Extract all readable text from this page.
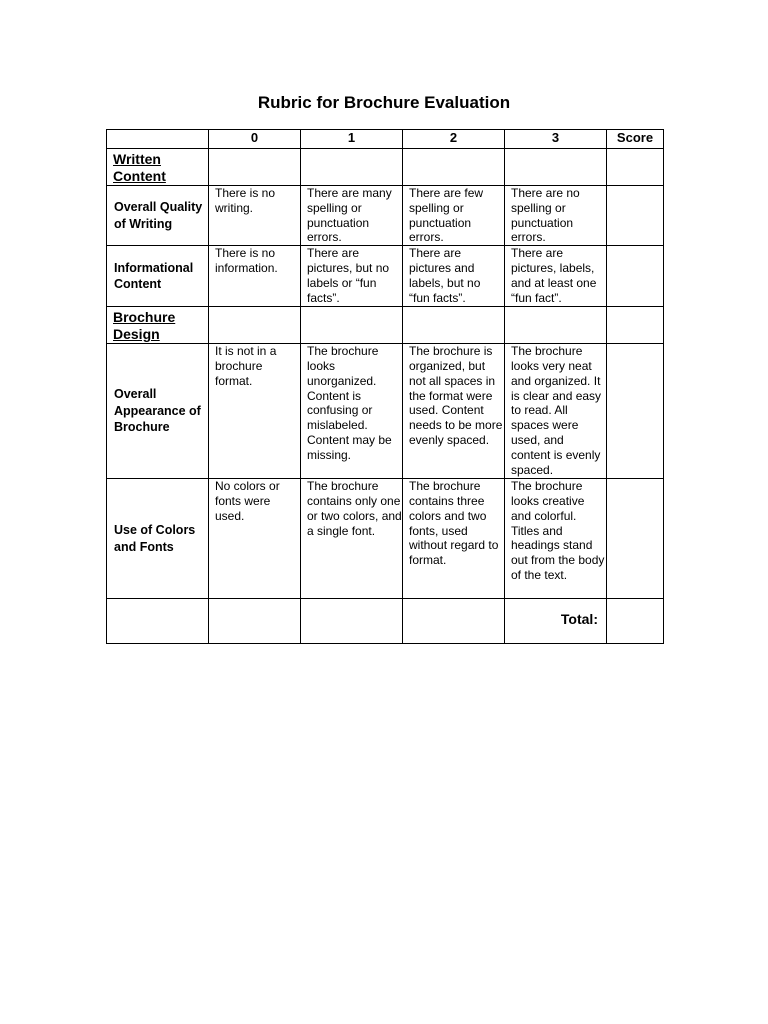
Rubric for Brochure Evaluation
	0	1	2	3	Score
Written Content					
Overall Quality of Writing	There is no writing.	There are many spelling or punctuation errors.	There are few spelling or punctuation errors.	There are no spelling or punctuation errors.	
Informational Content	There is no information.	There are pictures, but no labels or “fun facts”.	There are pictures and labels, but no “fun facts”.	There are pictures, labels, and at least one “fun fact”.	
Brochure Design					
Overall Appearance of Brochure	It is not in a brochure format.	The brochure looks unorganized. Content is confusing or mislabeled. Content may be missing.	The brochure is organized, but not all spaces in the format were used. Content needs to be more evenly spaced.	The brochure looks very neat and organized. It is clear and easy to read. All spaces were used, and content is evenly spaced.	
Use of Colors and Fonts	No colors or fonts were used.	The brochure contains only one or two colors, and a single font.	The brochure contains three colors and two fonts, used without regard to format.	The brochure looks creative and colorful. Titles and headings stand out from the body of the text.	
				Total:	
